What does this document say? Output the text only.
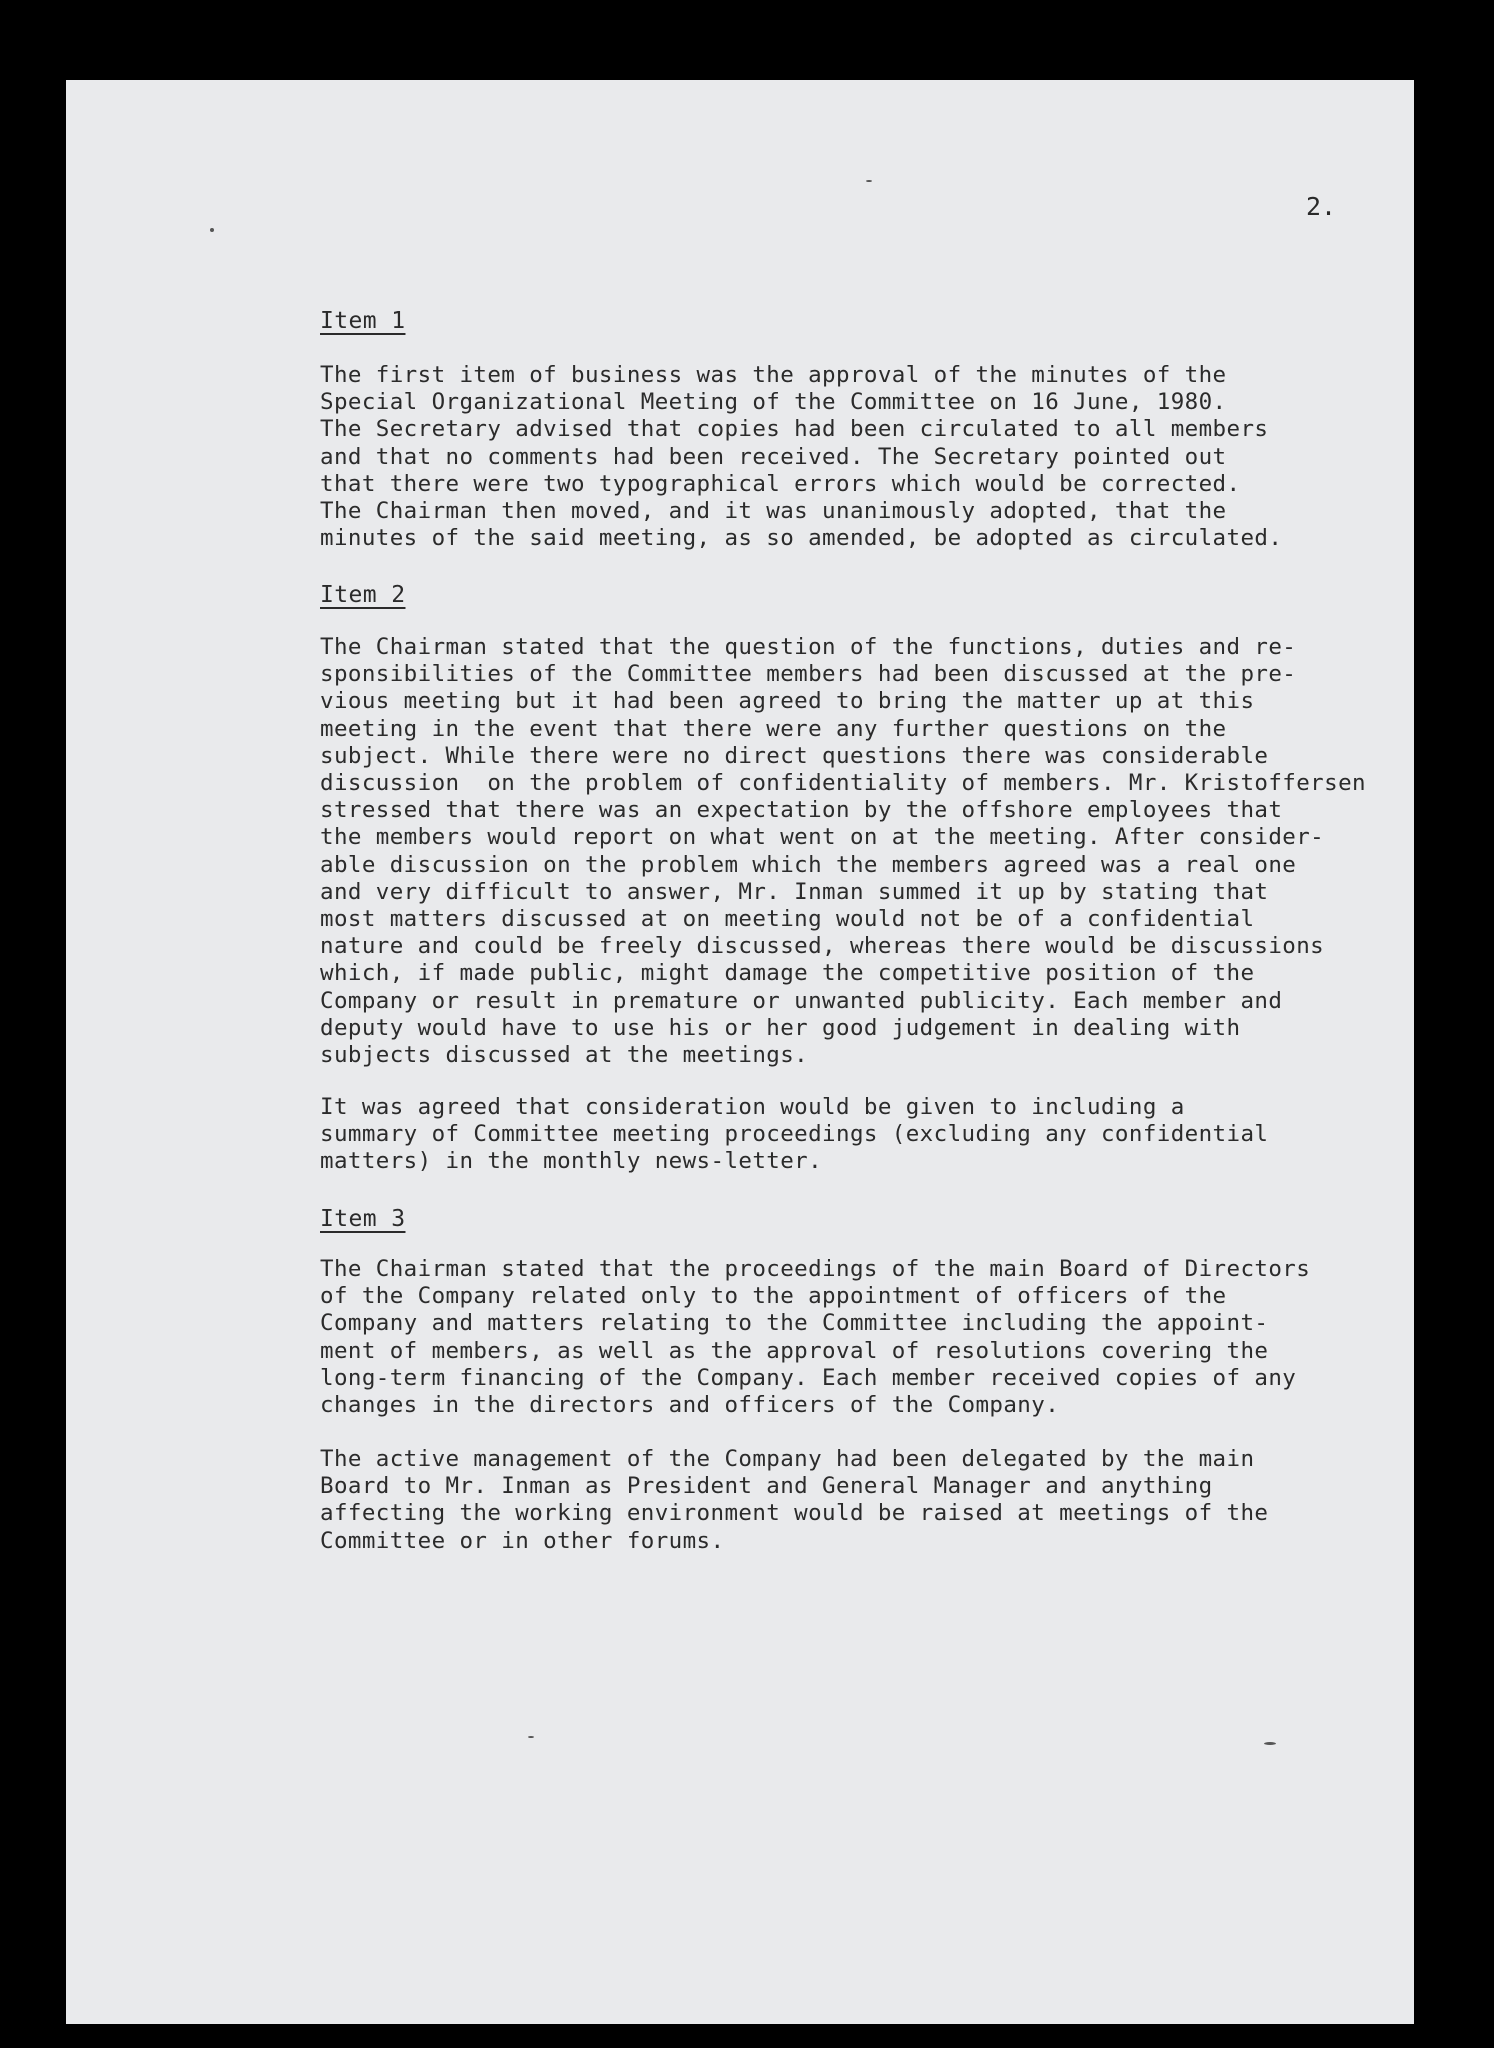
2.
Item 1
The first item of business was the approval of the minutes of the
Special Organizational Meeting of the Committee on 16 June, 1980.
The Secretary advised that copies had been circulated to all members
and that no comments had been received. The Secretary pointed out
that there were two typographical errors which would be corrected.
The Chairman then moved, and it was unanimously adopted, that the
minutes of the said meeting, as so amended, be adopted as circulated.
Item 2
The Chairman stated that the question of the functions, duties and re-
sponsibilities of the Committee members had been discussed at the pre-
vious meeting but it had been agreed to bring the matter up at this
meeting in the event that there were any further questions on the
subject. While there were no direct questions there was considerable
discussion  on the problem of confidentiality of members. Mr. Kristoffersen
stressed that there was an expectation by the offshore employees that
the members would report on what went on at the meeting. After consider-
able discussion on the problem which the members agreed was a real one
and very difficult to answer, Mr. Inman summed it up by stating that
most matters discussed at on meeting would not be of a confidential
nature and could be freely discussed, whereas there would be discussions
which, if made public, might damage the competitive position of the
Company or result in premature or unwanted publicity. Each member and
deputy would have to use his or her good judgement in dealing with
subjects discussed at the meetings.
It was agreed that consideration would be given to including a
summary of Committee meeting proceedings (excluding any confidential
matters) in the monthly news-letter.
Item 3
The Chairman stated that the proceedings of the main Board of Directors
of the Company related only to the appointment of officers of the
Company and matters relating to the Committee including the appoint-
ment of members, as well as the approval of resolutions covering the
long-term financing of the Company. Each member received copies of any
changes in the directors and officers of the Company.
The active management of the Company had been delegated by the main
Board to Mr. Inman as President and General Manager and anything
affecting the working environment would be raised at meetings of the
Committee or in other forums.
